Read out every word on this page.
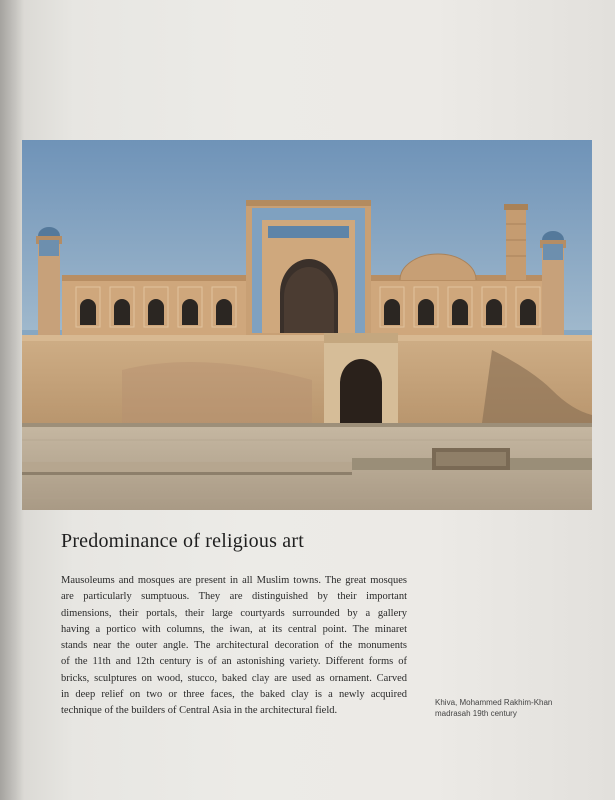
Predominance of religious art
Mausoleums and mosques are present in all Muslim towns. The great mosques
are particularly sumptuous. They are distinguished by their important
dimensions, their portals, their large courtyards surrounded by a gallery
having a portico with columns, the iwan, at its central point. The minaret
stands near the outer angle. The architectural decoration of the monuments
of the 11th and 12th century is of an astonishing variety. Different forms of
bricks, sculptures on wood, stucco, baked clay are used as ornament. Carved
in deep relief on two or three faces, the baked clay is a newly acquired
technique of the builders of Central Asia in the architectural field.
Khiva, Mohammed Rakhim-Khan
madrasah 19th century
